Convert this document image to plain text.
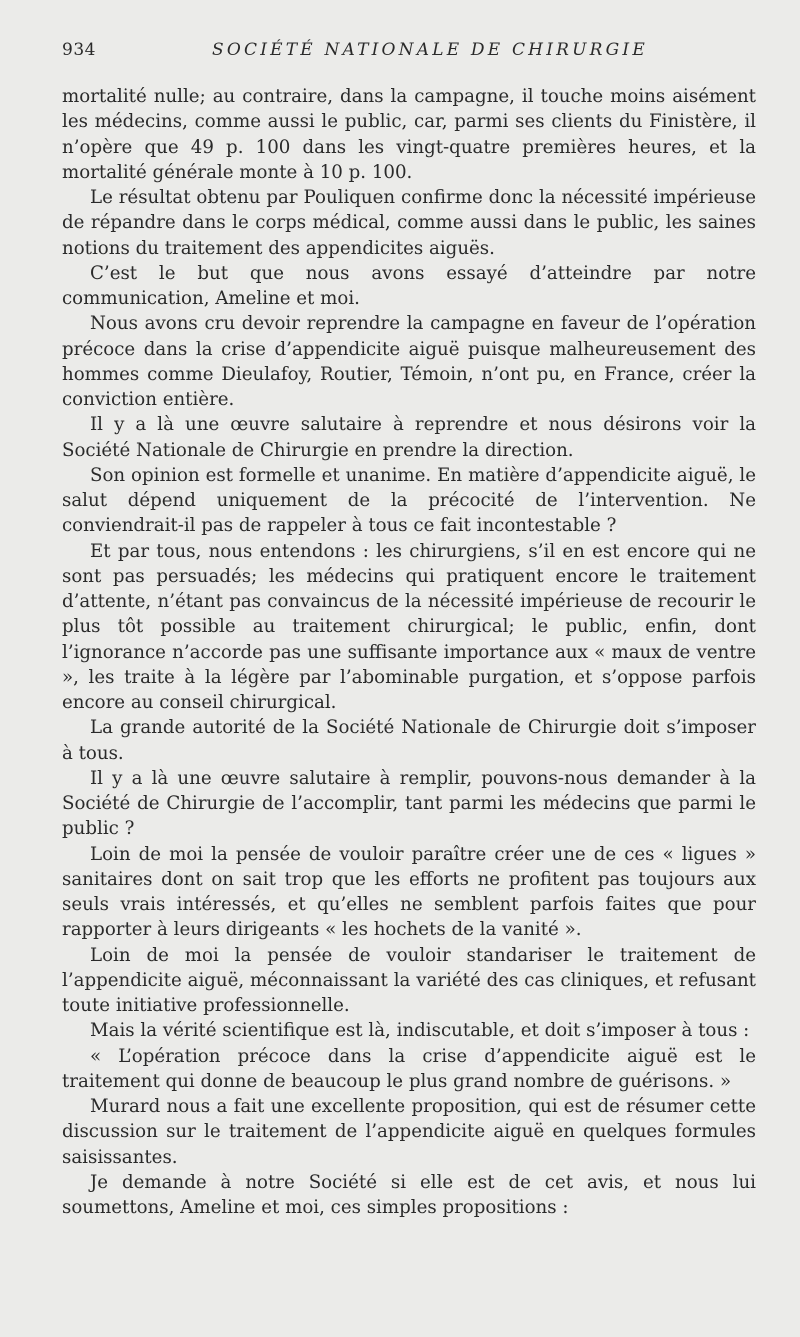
934	SOCIÉTÉ NATIONALE DE CHIRURGIE

mortalité nulle; au contraire, dans la campagne, il touche moins aisément les médecins, comme aussi le public, car, parmi ses clients du Finistère, il n’opère que 49 p. 100 dans les vingt-quatre premières heures, et la mortalité générale monte à 10 p. 100.

Le résultat obtenu par Pouliquen confirme donc la nécessité impérieuse de répandre dans le corps médical, comme aussi dans le public, les saines notions du traitement des appendicites aiguës.

C’est le but que nous avons essayé d’atteindre par notre communication, Ameline et moi.

Nous avons cru devoir reprendre la campagne en faveur de l’opération précoce dans la crise d’appendicite aiguë puisque malheureusement des hommes comme Dieulafoy, Routier, Témoin, n’ont pu, en France, créer la conviction entière.

Il y a là une œuvre salutaire à reprendre et nous désirons voir la Société Nationale de Chirurgie en prendre la direction.

Son opinion est formelle et unanime. En matière d’appendicite aiguë, le salut dépend uniquement de la précocité de l’intervention. Ne conviendrait-il pas de rappeler à tous ce fait incontestable ?

Et par tous, nous entendons : les chirurgiens, s’il en est encore qui ne sont pas persuadés; les médecins qui pratiquent encore le traitement d’attente, n’étant pas convaincus de la nécessité impérieuse de recourir le plus tôt possible au traitement chirurgical; le public, enfin, dont l’ignorance n’accorde pas une suffisante importance aux « maux de ventre », les traite à la légère par l’abominable purgation, et s’oppose parfois encore au conseil chirurgical.

La grande autorité de la Société Nationale de Chirurgie doit s’imposer à tous.

Il y a là une œuvre salutaire à remplir, pouvons-nous demander à la Société de Chirurgie de l’accomplir, tant parmi les médecins que parmi le public ?

Loin de moi la pensée de vouloir paraître créer une de ces « ligues » sanitaires dont on sait trop que les efforts ne profitent pas toujours aux seuls vrais intéressés, et qu’elles ne semblent parfois faites que pour rapporter à leurs dirigeants « les hochets de la vanité ».

Loin de moi la pensée de vouloir standariser le traitement de l’appendicite aiguë, méconnaissant la variété des cas cliniques, et refusant toute initiative professionnelle.

Mais la vérité scientifique est là, indiscutable, et doit s’imposer à tous :

« L’opération précoce dans la crise d’appendicite aiguë est le traitement qui donne de beaucoup le plus grand nombre de guérisons. »

Murard nous a fait une excellente proposition, qui est de résumer cette discussion sur le traitement de l’appendicite aiguë en quelques formules saisissantes.

Je demande à notre Société si elle est de cet avis, et nous lui soumettons, Ameline et moi, ces simples propositions :
